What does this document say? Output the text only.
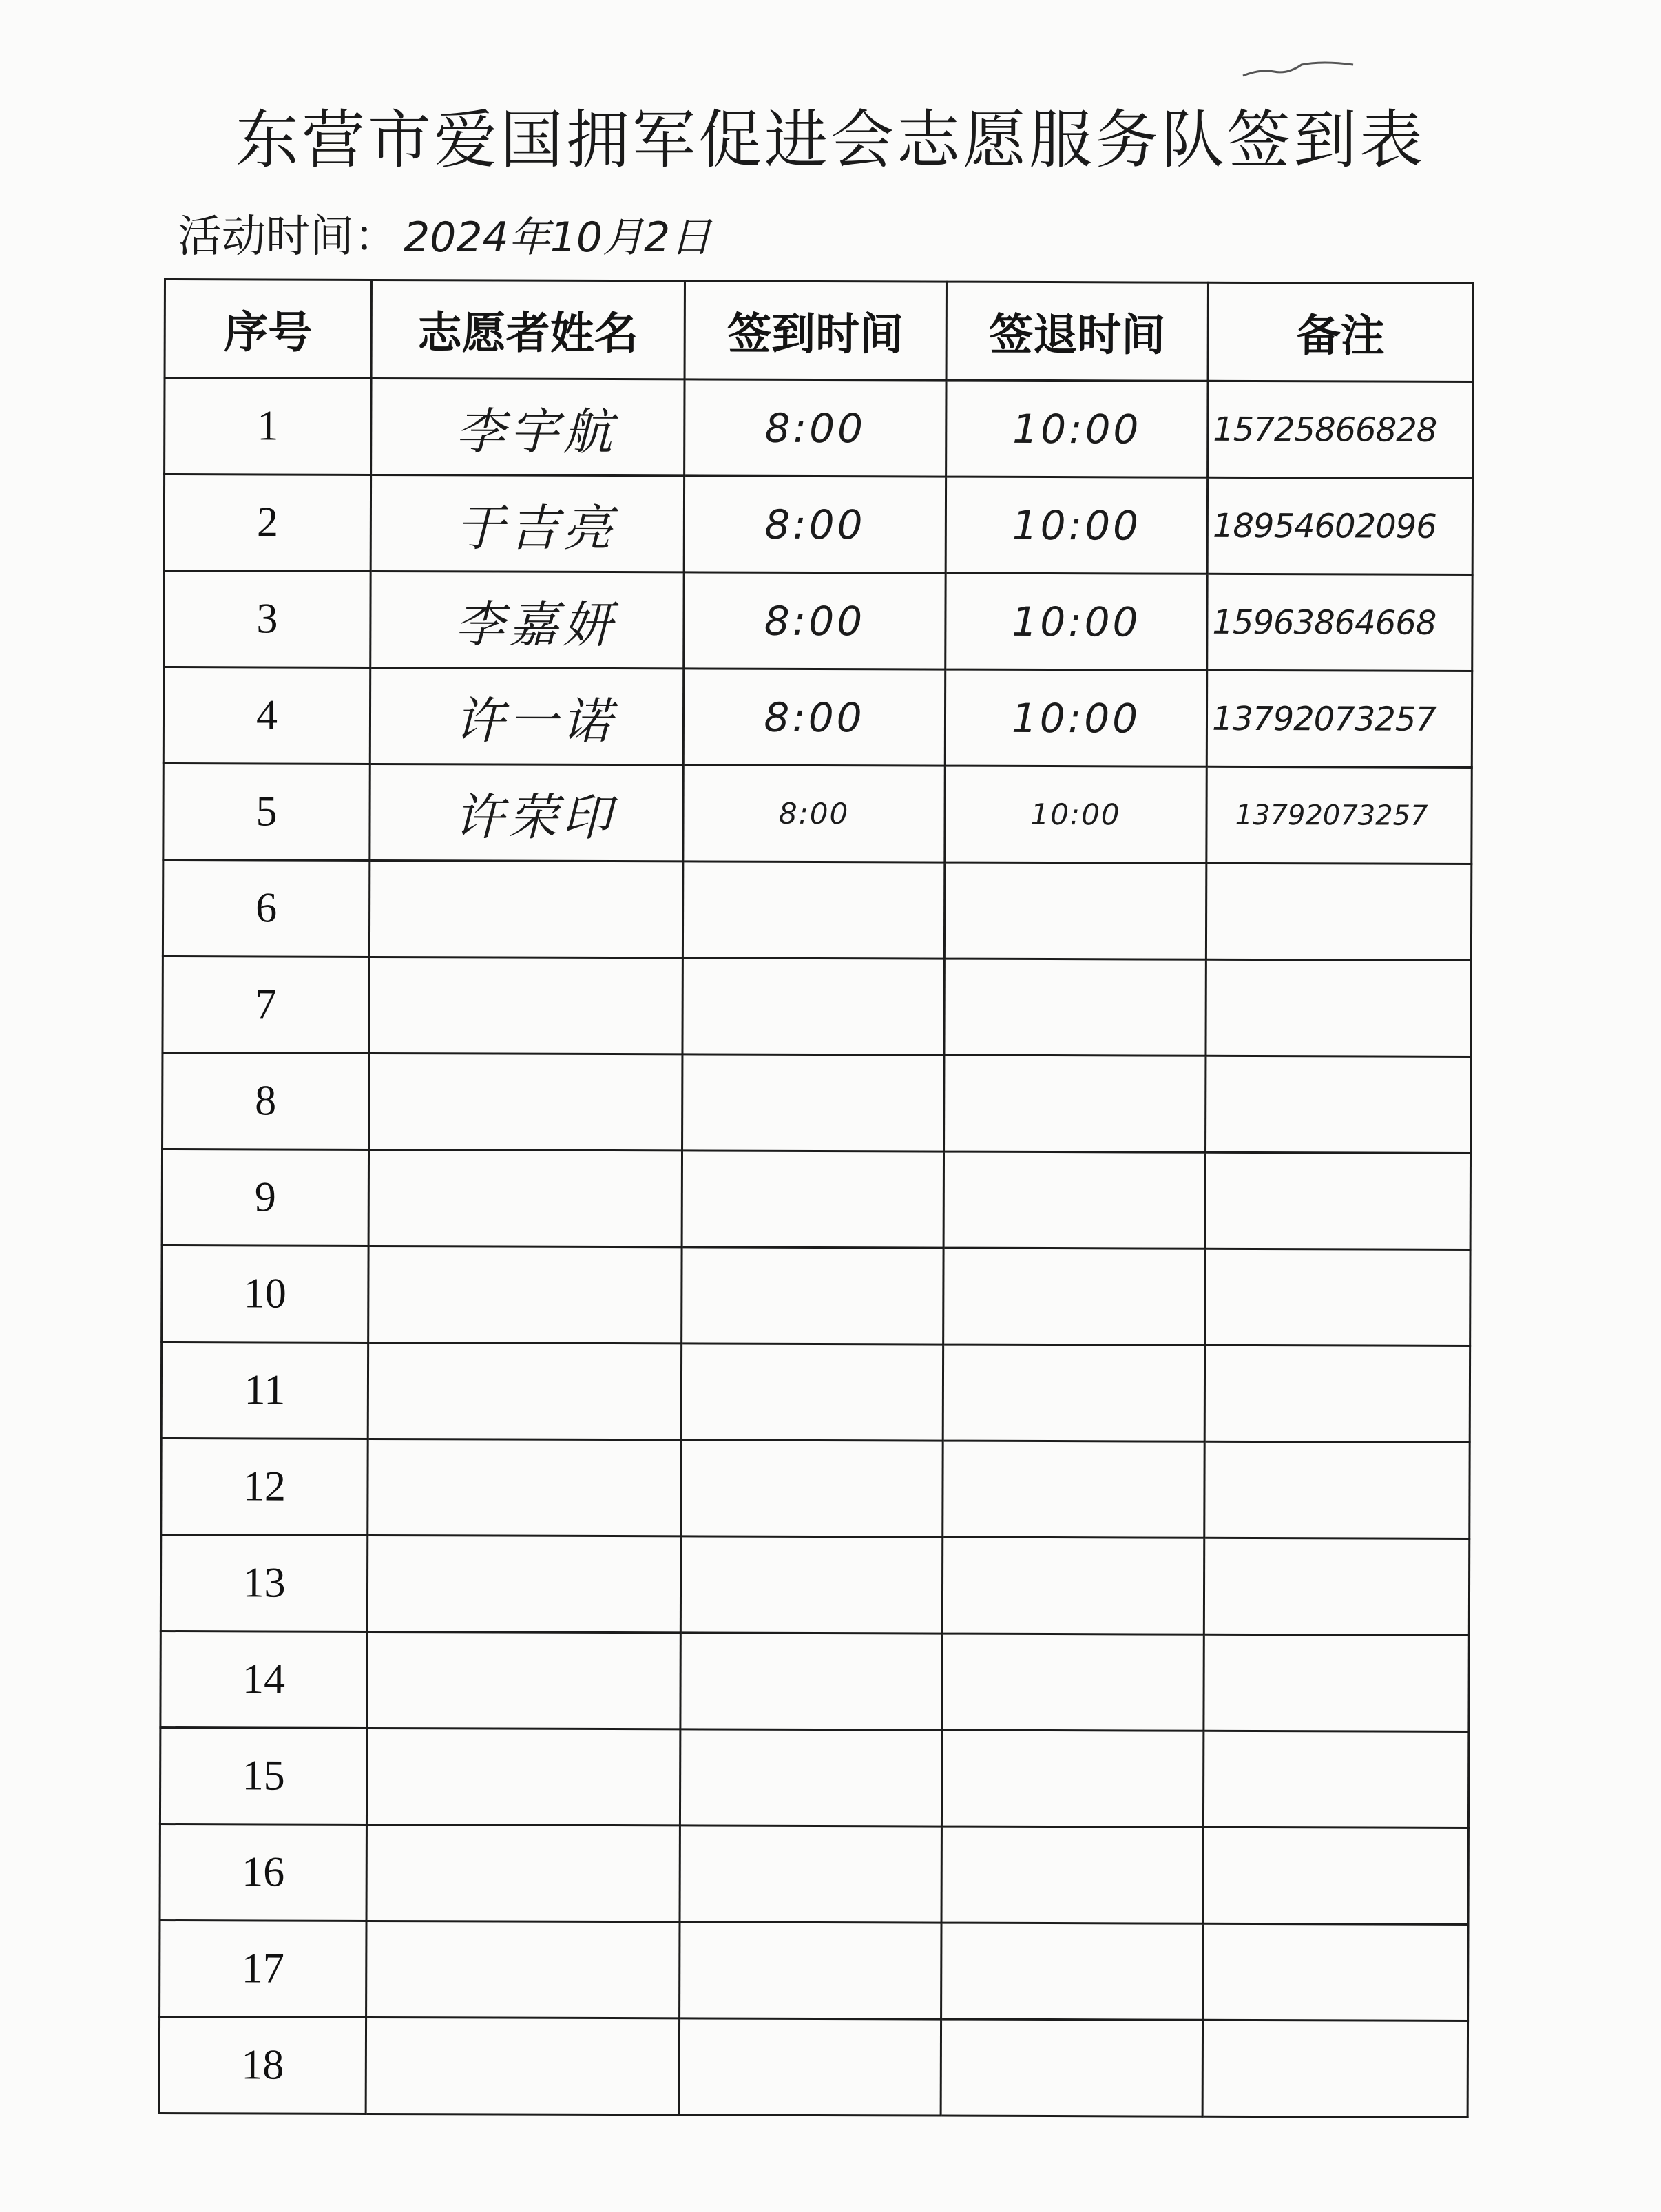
东营市爱国拥军促进会志愿服务队签到表
活动时间： 2024年10月2日
序号	志愿者姓名	签到时间	签退时间	备注
1	李宇航	8:00	10:00	15725866828
2	于吉亮	8:00	10:00	18954602096
3	李嘉妍	8:00	10:00	15963864668
4	许一诺	8:00	10:00	13792073257
5	许荣印	8:00	10:00	13792073257
6				
7				
8				
9				
10				
11				
12				
13				
14				
15				
16				
17				
18				
